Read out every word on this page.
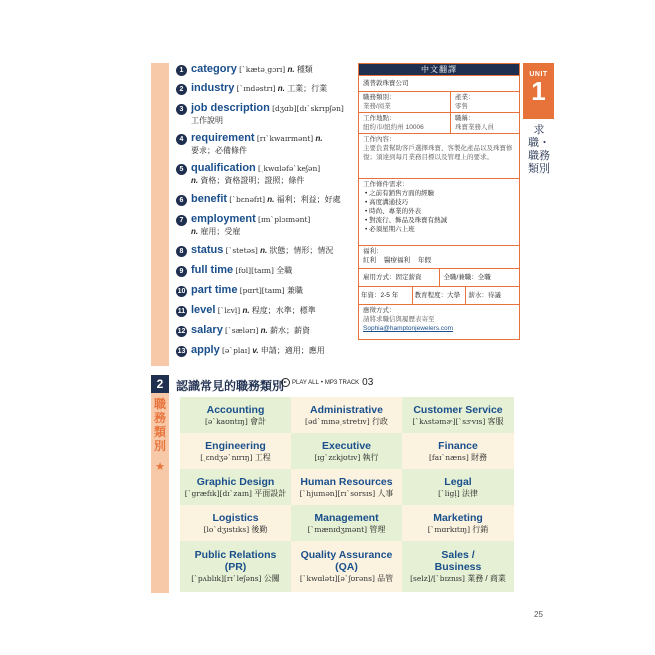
1 category [ˋkætəˏgɔrɪ] n. 種類
2 industry [ˋɪndəstrɪ] n. 工業；行業
3 job description [dʒɑb][dɪˋskrɪpʃən]
工作說明
4 requirement [rɪˋkwaɪrmənt] n.
要求；必備條件
5 qualification [ˏkwɑləfəˋkeʃən]
n. 資格；資格證明；證照；條件
6 benefit [ˋbɛnəfɪt] n. 福利；利益；好處
7 employment [ɪmˋplɔɪmənt]
n. 雇用；受雇
8 status [ˋstetəs] n. 狀態；情形；情況
9 full time [fʊl][taɪm] 全職
10 part time [pɑrt][taɪm] 兼職
11 level [ˋlɛvḷ] n. 程度；水準；標準
12 salary [ˋsælərɪ] n. 薪水；薪資
13 apply [əˋplaɪ] v. 申請；適用；應用
中文翻譯
漢普敦珠寶公司
職務類別：
業務/商業
產業：
零售
工作地點：
紐約市/紐約州 10006
職稱：
珠寶業務人員
工作內容：
主要負責幫助客戶選擇珠寶、客製化產品以及珠寶修復；須達到每月業務目標以及管理上的要求。
工作條件需求：
• 之前有銷售方面的經驗
• 高度溝通技巧
• 時尚、專業的外表
• 對流行、飾品及珠寶有熱誠
• 必須星期六上班
福利：
紅利 醫療福利 年假
雇用方式：固定薪資	全職/兼職：全職
年資：2-5 年	教育程度：大學	薪水：待議
應徵方式：
請將求職信與履歷表寄至
Sophia@hamptonjewelers.com
UNIT
1
求職・職務類別
2
職務類別
★
認識常見的職務類別 PLAY ALL • MP3 TRACK 03
Accounting
[əˋkaʊntɪŋ] 會計
Administrative
[ədˋmɪnəˏstretɪv] 行政
Customer Service
[ˋkʌstəmɚ][ˋsɝvɪs] 客服
Engineering
[ˏɛndʒəˋnɪrɪŋ] 工程
Executive
[ɪgˋzɛkjʊtɪv] 執行
Finance
[faɪˋnæns] 財務
Graphic Design
[ˋgræfɪk][dɪˋzaɪn] 平面設計
Human Resources
[ˋhjumən][rɪˋsorsɪs] 人事
Legal
[ˋligḷ] 法律
Logistics
[loˋdʒɪstɪks] 後勤
Management
[ˋmænɪdʒmənt] 管理
Marketing
[ˋmɑrkɪtɪŋ] 行銷
Public Relations
(PR)
[ˋpʌblɪk][rɪˋleʃəns] 公關
Quality Assurance
(QA)
[ˋkwɑlətɪ][əˋʃʊrəns] 品管
Sales /
Business
[selz]/[ˋbɪznɪs] 業務 / 商業
25
